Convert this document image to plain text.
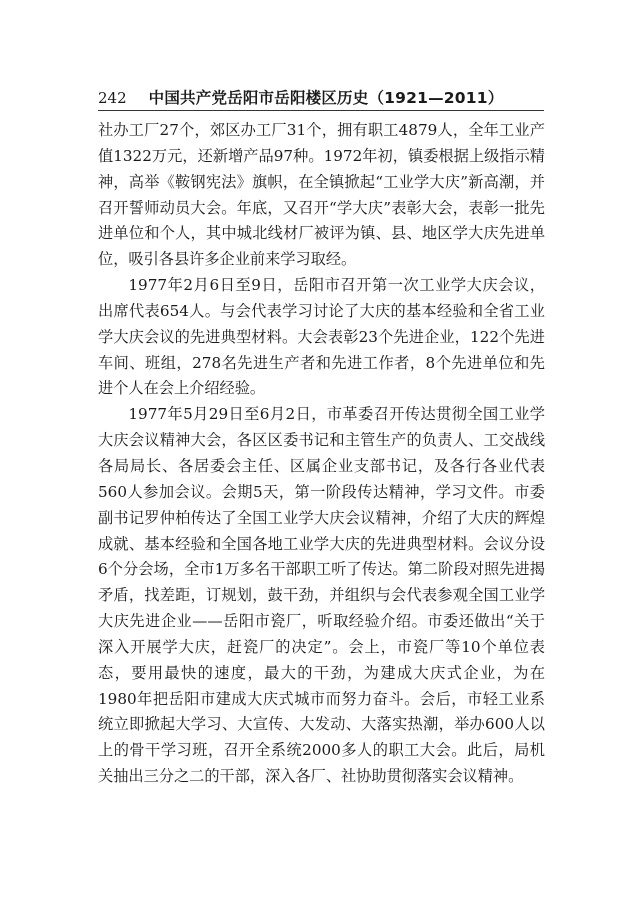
242 中国共产党岳阳市岳阳楼区历史（1921—2011）

社办工厂27个，郊区办工厂31个，拥有职工4879人，全年工业产值1322万元，还新增产品97种。1972年初，镇委根据上级指示精神，高举《鞍钢宪法》旗帜，在全镇掀起“工业学大庆”新高潮，并召开誓师动员大会。年底，又召开“学大庆”表彰大会，表彰一批先进单位和个人，其中城北线材厂被评为镇、县、地区学大庆先进单位，吸引各县许多企业前来学习取经。

1977年2月6日至9日，岳阳市召开第一次工业学大庆会议，出席代表654人。与会代表学习讨论了大庆的基本经验和全省工业学大庆会议的先进典型材料。大会表彰23个先进企业，122个先进车间、班组，278名先进生产者和先进工作者，8个先进单位和先进个人在会上介绍经验。

1977年5月29日至6月2日，市革委召开传达贯彻全国工业学大庆会议精神大会，各区区委书记和主管生产的负责人、工交战线各局局长、各居委会主任、区属企业支部书记，及各行各业代表560人参加会议。会期5天，第一阶段传达精神，学习文件。市委副书记罗仲柏传达了全国工业学大庆会议精神，介绍了大庆的辉煌成就、基本经验和全国各地工业学大庆的先进典型材料。会议分设6个分会场，全市1万多名干部职工听了传达。第二阶段对照先进揭矛盾，找差距，订规划，鼓干劲，并组织与会代表参观全国工业学大庆先进企业——岳阳市瓷厂，听取经验介绍。市委还做出“关于深入开展学大庆，赶瓷厂的决定”。会上，市瓷厂等10个单位表态，要用最快的速度，最大的干劲，为建成大庆式企业，为在1980年把岳阳市建成大庆式城市而努力奋斗。会后，市轻工业系统立即掀起大学习、大宣传、大发动、大落实热潮，举办600人以上的骨干学习班，召开全系统2000多人的职工大会。此后，局机关抽出三分之二的干部，深入各厂、社协助贯彻落实会议精神。
